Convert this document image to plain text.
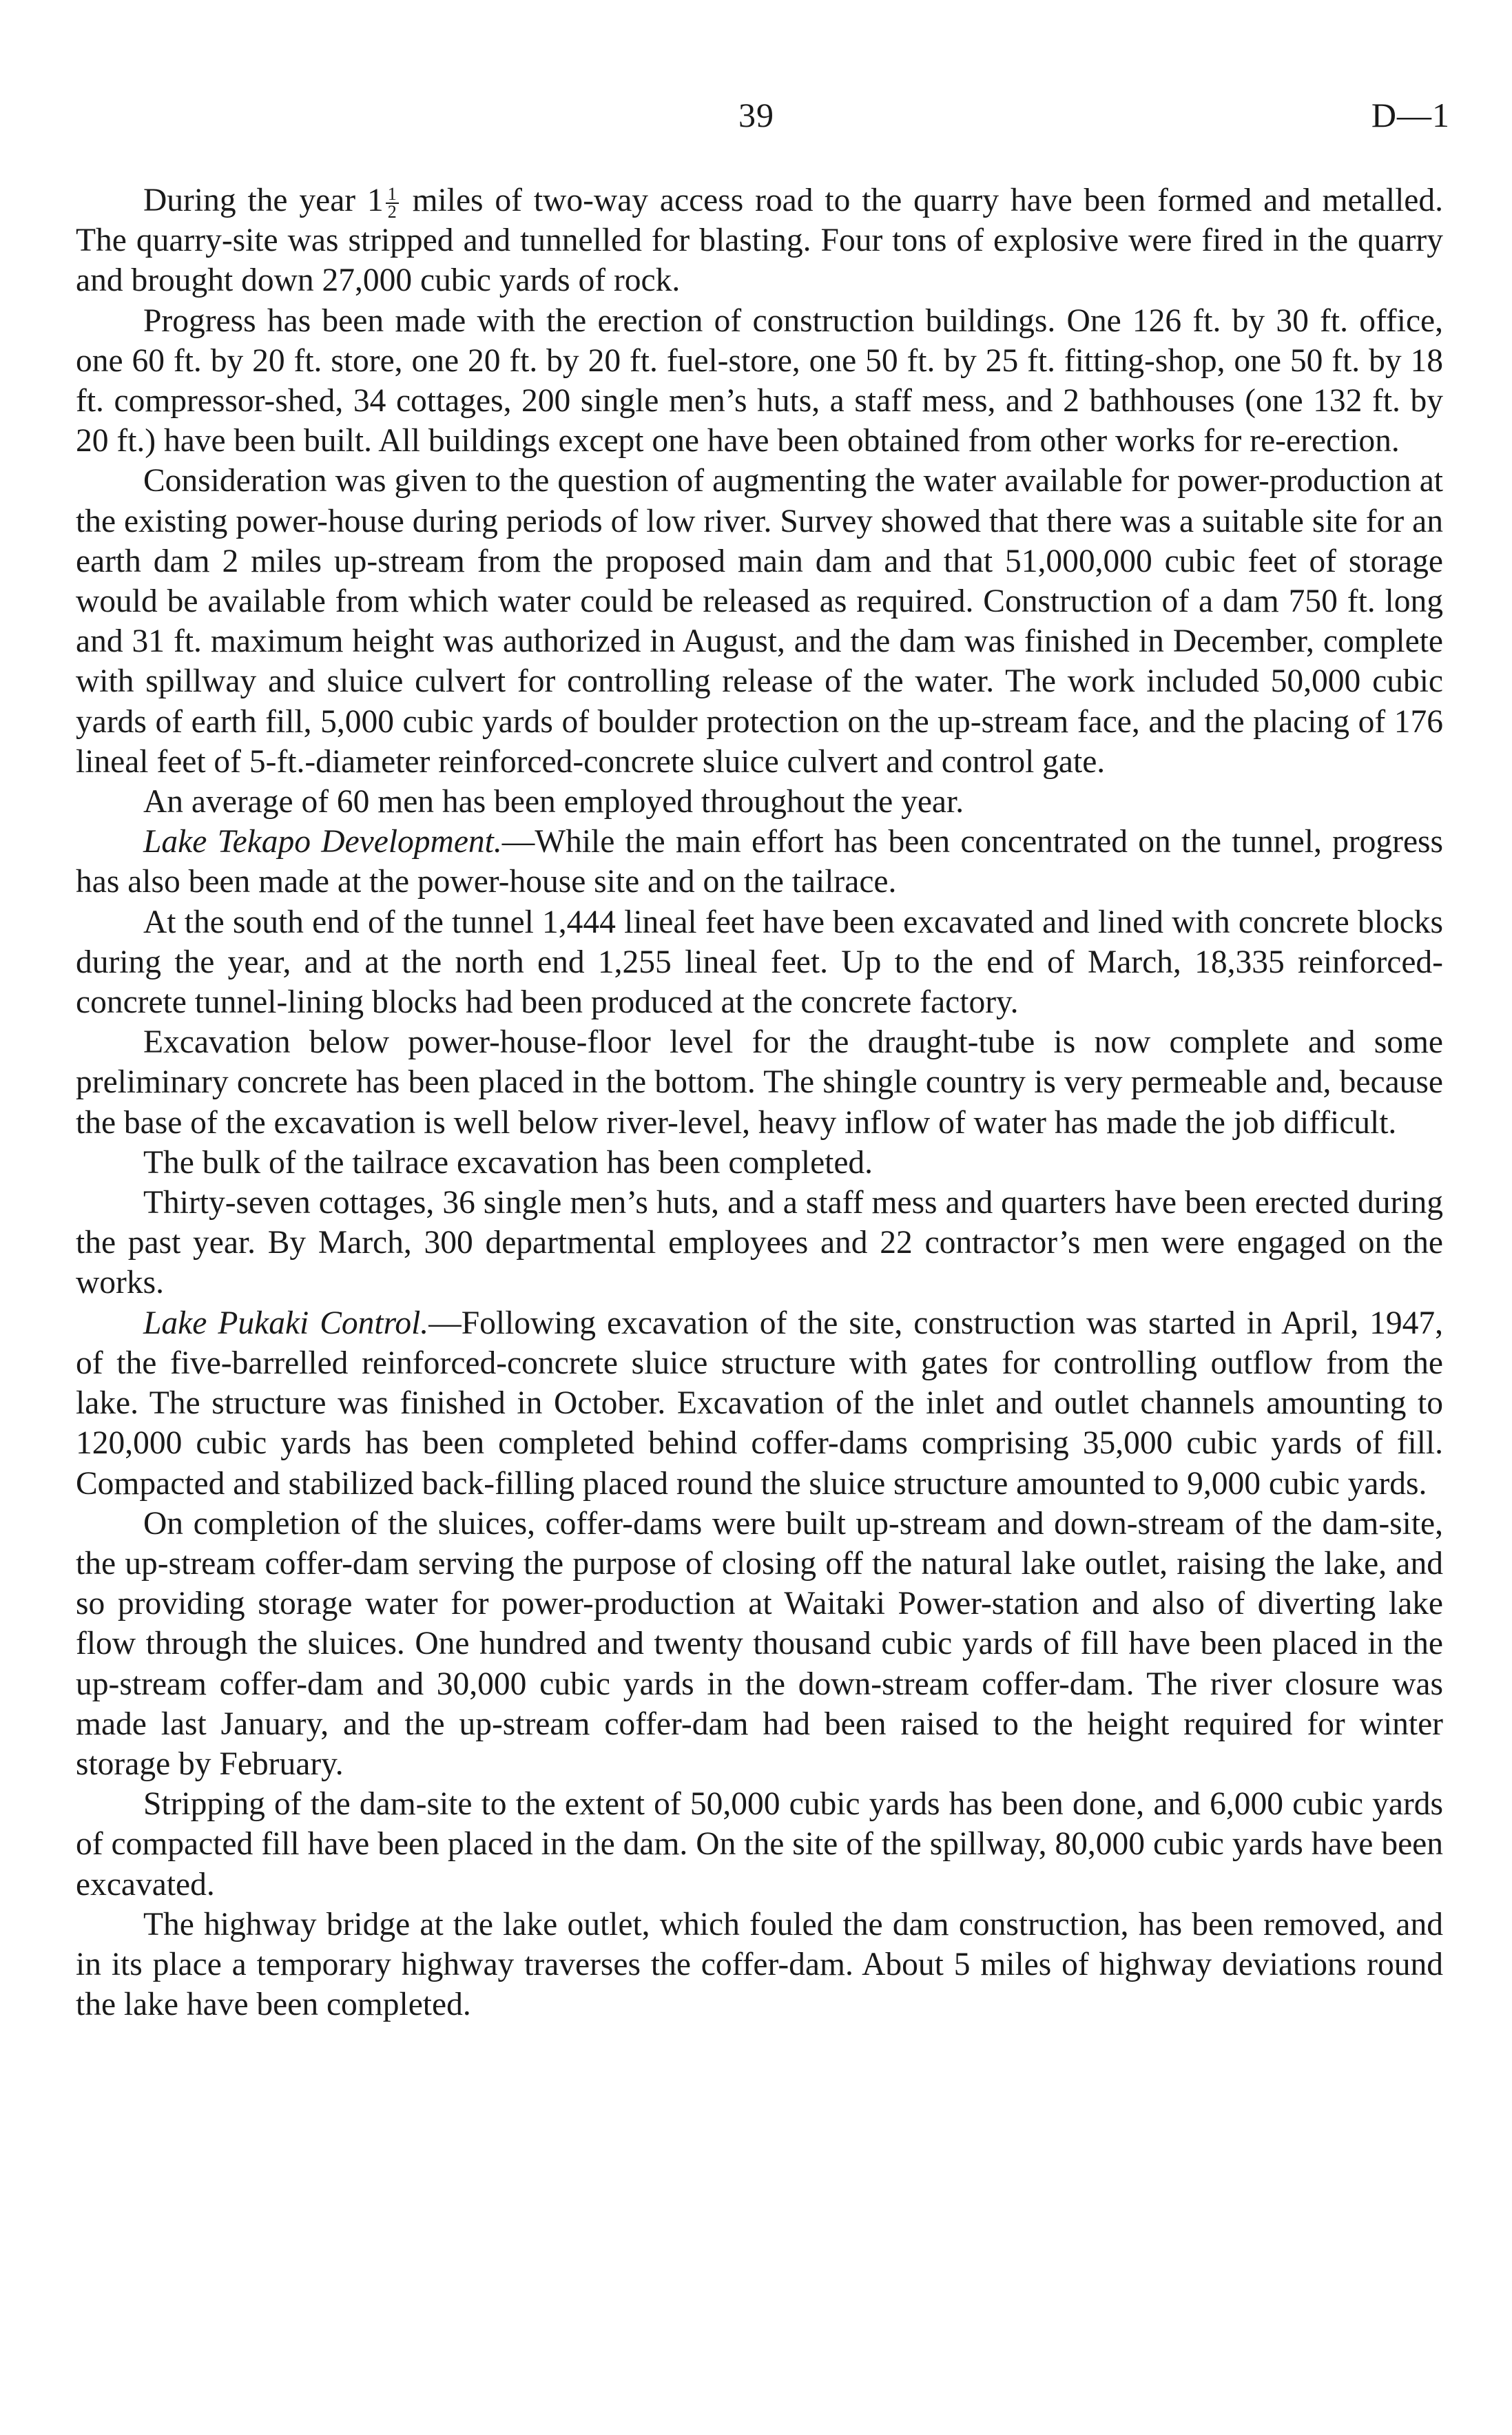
39	D—1

During the year $1 \frac{1}{2}$ miles of two-way access road to the quarry have been formed and metalled. The quarry-site was stripped and tunnelled for blasting. Four tons of explosive were fired in the quarry and brought down 27,000 cubic yards of rock.

Progress has been made with the erection of construction buildings. One 126 ft. by 30 ft. office, one 60 ft. by 20 ft. store, one 20 ft. by 20 ft. fuel-store, one 50 ft. by 25 ft. fitting-shop, one 50 ft. by 18 ft. compressor-shed, 34 cottages, 200 single men’s huts, a staff mess, and 2 bathhouses (one 132 ft. by 20 ft.) have been built. All buildings except one have been obtained from other works for re-erection.

Consideration was given to the question of augmenting the water available for power-production at the existing power-house during periods of low river. Survey showed that there was a suitable site for an earth dam 2 miles up-stream from the proposed main dam and that 51,000,000 cubic feet of storage would be available from which water could be released as required. Construction of a dam 750 ft. long and 31 ft. maximum height was authorized in August, and the dam was finished in December, complete with spillway and sluice culvert for controlling release of the water. The work included 50,000 cubic yards of earth fill, 5,000 cubic yards of boulder protection on the up-stream face, and the placing of 176 lineal feet of 5-ft.-diameter reinforced-concrete sluice culvert and control gate.

An average of 60 men has been employed throughout the year.

Lake Tekapo Development.—While the main effort has been concentrated on the tunnel, progress has also been made at the power-house site and on the tailrace.

At the south end of the tunnel 1,444 lineal feet have been excavated and lined with concrete blocks during the year, and at the north end 1,255 lineal feet. Up to the end of March, 18,335 reinforced-concrete tunnel-lining blocks had been produced at the concrete factory.

Excavation below power-house-floor level for the draught-tube is now complete and some preliminary concrete has been placed in the bottom. The shingle country is very permeable and, because the base of the excavation is well below river-level, heavy inflow of water has made the job difficult.

The bulk of the tailrace excavation has been completed.

Thirty-seven cottages, 36 single men’s huts, and a staff mess and quarters have been erected during the past year. By March, 300 departmental employees and 22 contractor’s men were engaged on the works.

Lake Pukaki Control.—Following excavation of the site, construction was started in April, 1947, of the five-barrelled reinforced-concrete sluice structure with gates for controlling outflow from the lake. The structure was finished in October. Excavation of the inlet and outlet channels amounting to 120,000 cubic yards has been completed behind coffer-dams comprising 35,000 cubic yards of fill. Compacted and stabilized back-filling placed round the sluice structure amounted to 9,000 cubic yards.

On completion of the sluices, coffer-dams were built up-stream and down-stream of the dam-site, the up-stream coffer-dam serving the purpose of closing off the natural lake outlet, raising the lake, and so providing storage water for power-production at Waitaki Power-station and also of diverting lake flow through the sluices. One hundred and twenty thousand cubic yards of fill have been placed in the up-stream coffer-dam and 30,000 cubic yards in the down-stream coffer-dam. The river closure was made last January, and the up-stream coffer-dam had been raised to the height required for winter storage by February.

Stripping of the dam-site to the extent of 50,000 cubic yards has been done, and 6,000 cubic yards of compacted fill have been placed in the dam. On the site of the spillway, 80,000 cubic yards have been excavated.

The highway bridge at the lake outlet, which fouled the dam construction, has been removed, and in its place a temporary highway traverses the coffer-dam. About 5 miles of highway deviations round the lake have been completed.
